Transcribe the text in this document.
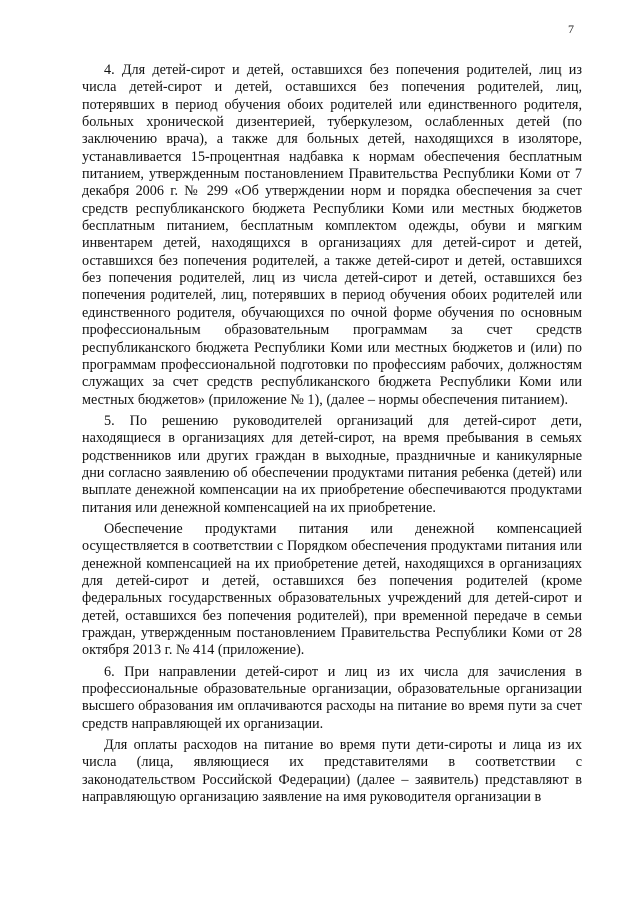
7

4. Для детей-сирот и детей, оставшихся без попечения родителей, лиц из числа детей-сирот и детей, оставшихся без попечения родителей, лиц, потерявших в период обучения обоих родителей или единственного родителя, больных хронической дизентерией, туберкулезом, ослабленных детей (по заключению врача), а также для больных детей, находящихся в изоляторе, устанавливается 15-процентная надбавка к нормам обеспечения бесплатным питанием, утвержденным постановлением Правительства Республики Коми от 7 декабря 2006 г. № 299 «Об утверждении норм и порядка обеспечения за счет средств республиканского бюджета Республики Коми или местных бюджетов бесплатным питанием, бесплатным комплектом одежды, обуви и мягким инвентарем детей, находящихся в организациях для детей-сирот и детей, оставшихся без попечения родителей, а также детей-сирот и детей, оставшихся без попечения родителей, лиц из числа детей-сирот и детей, оставшихся без попечения родителей, лиц, потерявших в период обучения обоих родителей или единственного родителя, обучающихся по очной форме обучения по основным профессиональным образовательным программам за счет средств республиканского бюджета Республики Коми или местных бюджетов и (или) по программам профессиональной подготовки по профессиям рабочих, должностям служащих за счет средств республиканского бюджета Республики Коми или местных бюджетов» (приложение № 1), (далее – нормы обеспечения питанием).

5. По решению руководителей организаций для детей-сирот дети, находящиеся в организациях для детей-сирот, на время пребывания в семьях родственников или других граждан в выходные, праздничные и каникулярные дни согласно заявлению об обеспечении продуктами питания ребенка (детей) или выплате денежной компенсации на их приобретение обеспечиваются продуктами питания или денежной компенсацией на их приобретение.

Обеспечение продуктами питания или денежной компенсацией осуществляется в соответствии с Порядком обеспечения продуктами питания или денежной компенсацией на их приобретение детей, находящихся в организациях для детей-сирот и детей, оставшихся без попечения родителей (кроме федеральных государственных образовательных учреждений для детей-сирот и детей, оставшихся без попечения родителей), при временной передаче в семьи граждан, утвержденным постановлением Правительства Республики Коми от 28 октября 2013 г. № 414 (приложение).

6. При направлении детей-сирот и лиц из их числа для зачисления в профессиональные образовательные организации, образовательные организации высшего образования им оплачиваются расходы на питание во время пути за счет средств направляющей их организации.

Для оплаты расходов на питание во время пути дети-сироты и лица из их числа (лица, являющиеся их представителями в соответствии с законодательством Российской Федерации) (далее – заявитель) представляют в направляющую организацию заявление на имя руководителя организации в
